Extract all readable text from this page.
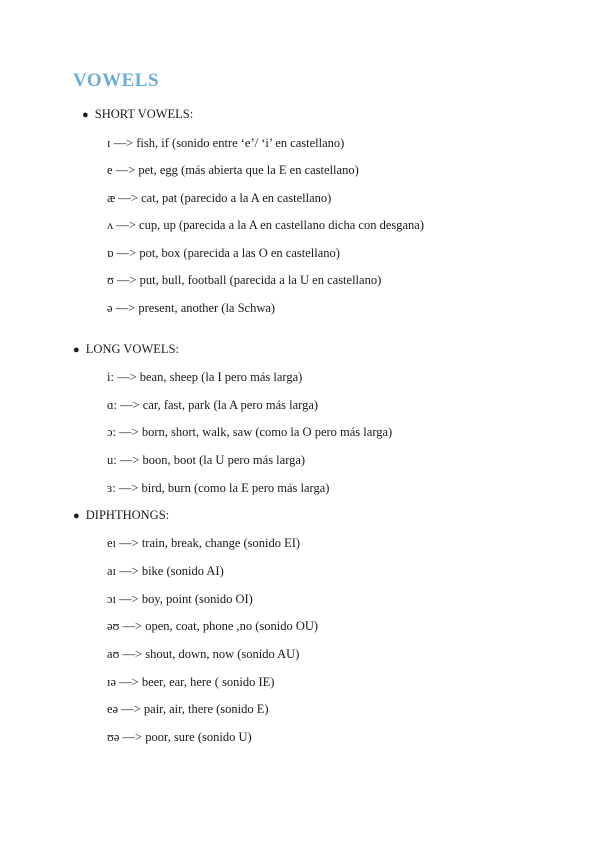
VOWELS
● SHORT VOWELS:
ɪ —> fish, if (sonido entre ‘e’/ ‘i’ en castellano)
e —> pet, egg (más abierta que la E en castellano)
æ —> cat, pat (parecido a la A en castellano)
ʌ —> cup, up (parecida a la A en castellano dicha con desgana)
ɒ —> pot, box (parecida a las O en castellano)
ʊ —> put, bull, football (parecida a la U en castellano)
ə —> present, another (la Schwa)
● LONG VOWELS:
i: —> bean, sheep (la I pero más larga)
ɑ: —> car, fast, park (la A pero más larga)
ɔ: —> born, short, walk, saw (como la O pero más larga)
u: —> boon, boot (la U pero más larga)
ɜ: —> bird, burn (como la E pero más larga)
● DIPHTHONGS:
eɪ —> train, break, change (sonido EI)
aɪ —> bike (sonido AI)
ɔɪ —> boy, point (sonido OI)
əʊ —> open, coat, phone ,no (sonido OU)
aʊ —> shout, down, now (sonido AU)
ɪə —> beer, ear, here ( sonido IE)
eə —> pair, air, there (sonido E)
ʊə —> poor, sure (sonido U)
